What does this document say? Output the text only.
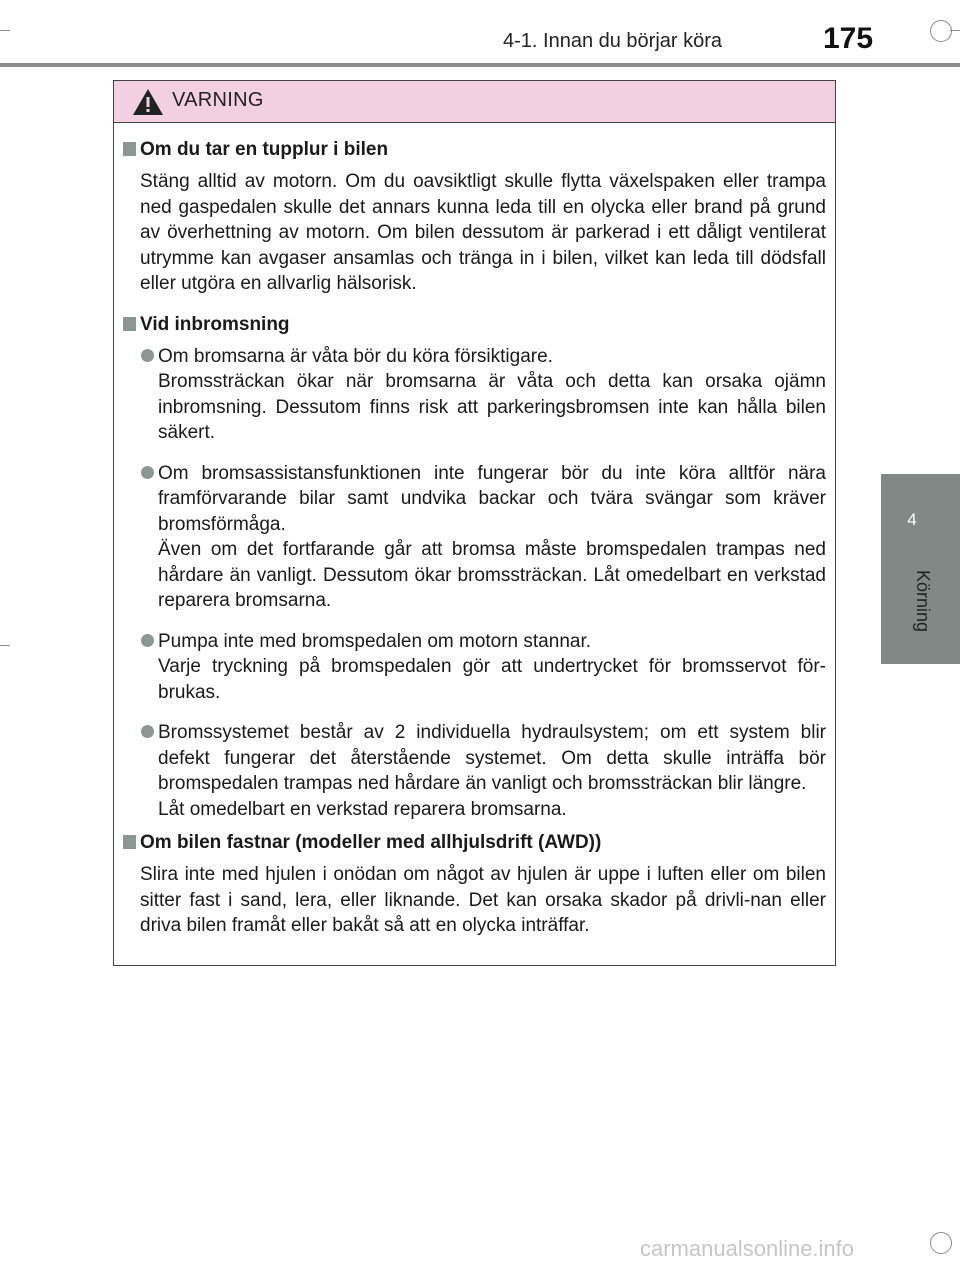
4-1. Innan du börjar köra	175
4
Körning
VARNING
Om du tar en tupplur i bilen

Stäng alltid av motorn. Om du oavsiktligt skulle flytta växelspaken eller trampa ned gaspedalen skulle det annars kunna leda till en olycka eller brand på grund av överhettning av motorn. Om bilen dessutom är parkerad i ett dåligt ventilerat utrymme kan avgaser ansamlas och tränga in i bilen, vilket kan leda till dödsfall eller utgöra en allvarlig hälsorisk.

Vid inbromsning

Om bromsarna är våta bör du köra försiktigare.

Bromssträckan ökar när bromsarna är våta och detta kan orsaka ojämn inbromsning. Dessutom finns risk att parkeringsbromsen inte kan hålla bilen säkert.

Om bromsassistansfunktionen inte fungerar bör du inte köra alltför nära framförvarande bilar samt undvika backar och tvära svängar som kräver bromsförmåga.

Även om det fortfarande går att bromsa måste bromspedalen trampas ned hårdare än vanligt. Dessutom ökar bromssträckan. Låt omedelbart en verkstad reparera bromsarna.

Pumpa inte med bromspedalen om motorn stannar.

Varje tryckning på bromspedalen gör att undertrycket för bromsservot för-brukas.

Bromssystemet består av 2 individuella hydraulsystem; om ett system blir defekt fungerar det återstående systemet. Om detta skulle inträffa bör bromspedalen trampas ned hårdare än vanligt och bromssträckan blir längre.

Låt omedelbart en verkstad reparera bromsarna.

Om bilen fastnar (modeller med allhjulsdrift (AWD))

Slira inte med hjulen i onödan om något av hjulen är uppe i luften eller om bilen sitter fast i sand, lera, eller liknande. Det kan orsaka skador på drivli-nan eller driva bilen framåt eller bakåt så att en olycka inträffar.

carmanualsonline.info
